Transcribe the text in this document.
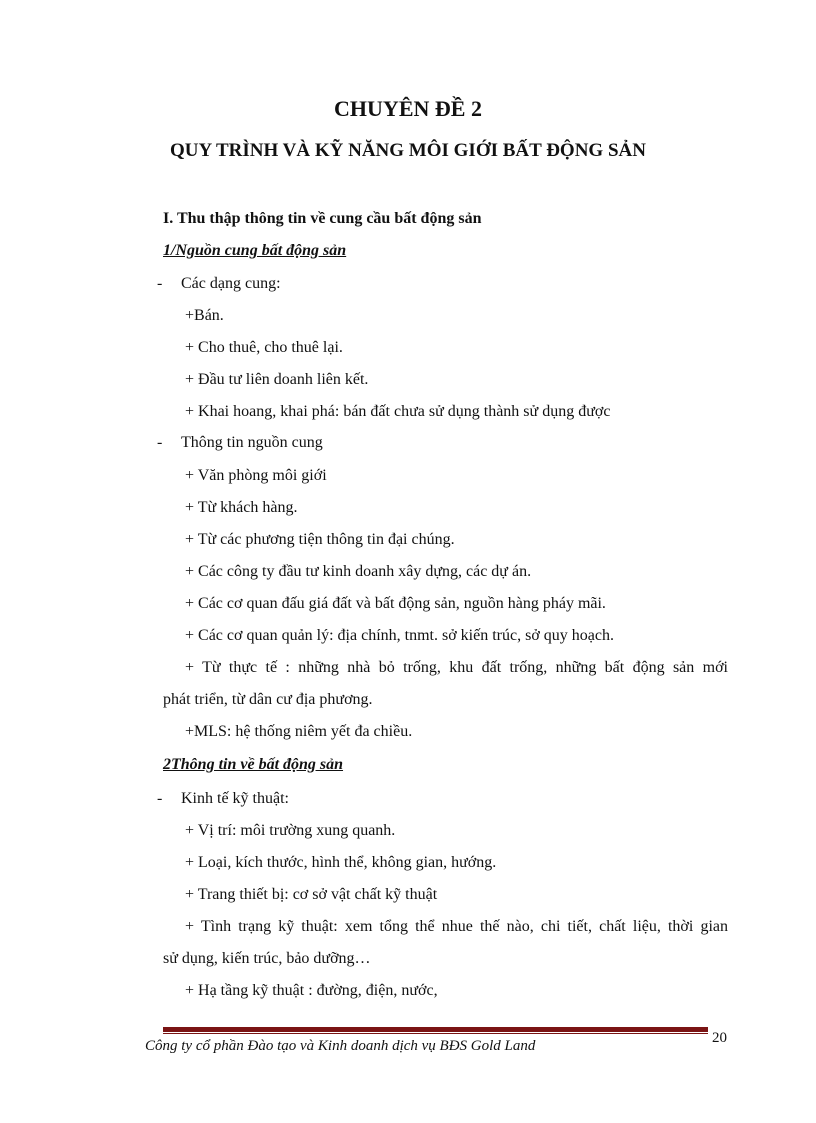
CHUYÊN ĐỀ 2
QUY TRÌNH VÀ KỸ NĂNG MÔI GIỚI BẤT ĐỘNG SẢN

I. Thu thập thông tin về cung cầu bất động sản

1/Nguồn cung bất động sản

- Các dạng cung:

+Bán.

+ Cho thuê, cho thuê lại.

+ Đầu tư liên doanh liên kết.

+ Khai hoang, khai phá: bán đất chưa sử dụng thành sử dụng được

- Thông tin nguồn cung

+ Văn phòng môi giới

+ Từ khách hàng.

+ Từ các phương tiện thông tin đại chúng.

+ Các công ty đầu tư kinh doanh xây dựng, các dự án.

+ Các cơ quan đấu giá đất và bất động sản, nguồn hàng pháy mãi.

+ Các cơ quan quản lý: địa chính, tnmt. sở kiến trúc, sở quy hoạch.

+ Từ thực tế : những nhà bỏ trống, khu đất trống, những bất động sản mới

phát triển, từ dân cư địa phương.

+MLS: hệ thống niêm yết đa chiều.

2Thông tin về bất động sản

- Kinh tế kỹ thuật:

+ Vị trí: môi trường xung quanh.

+ Loại, kích thước, hình thể, không gian, hướng.

+ Trang thiết bị: cơ sở vật chất kỹ thuật

+ Tình trạng kỹ thuật: xem tổng thể nhue thế nào, chi tiết, chất liệu, thời gian

sử dụng, kiến trúc, bảo dưỡng…

+ Hạ tầng kỹ thuật : đường, điện, nước,

Công ty cổ phần Đào tạo và Kinh doanh dịch vụ BĐS Gold Land	20
